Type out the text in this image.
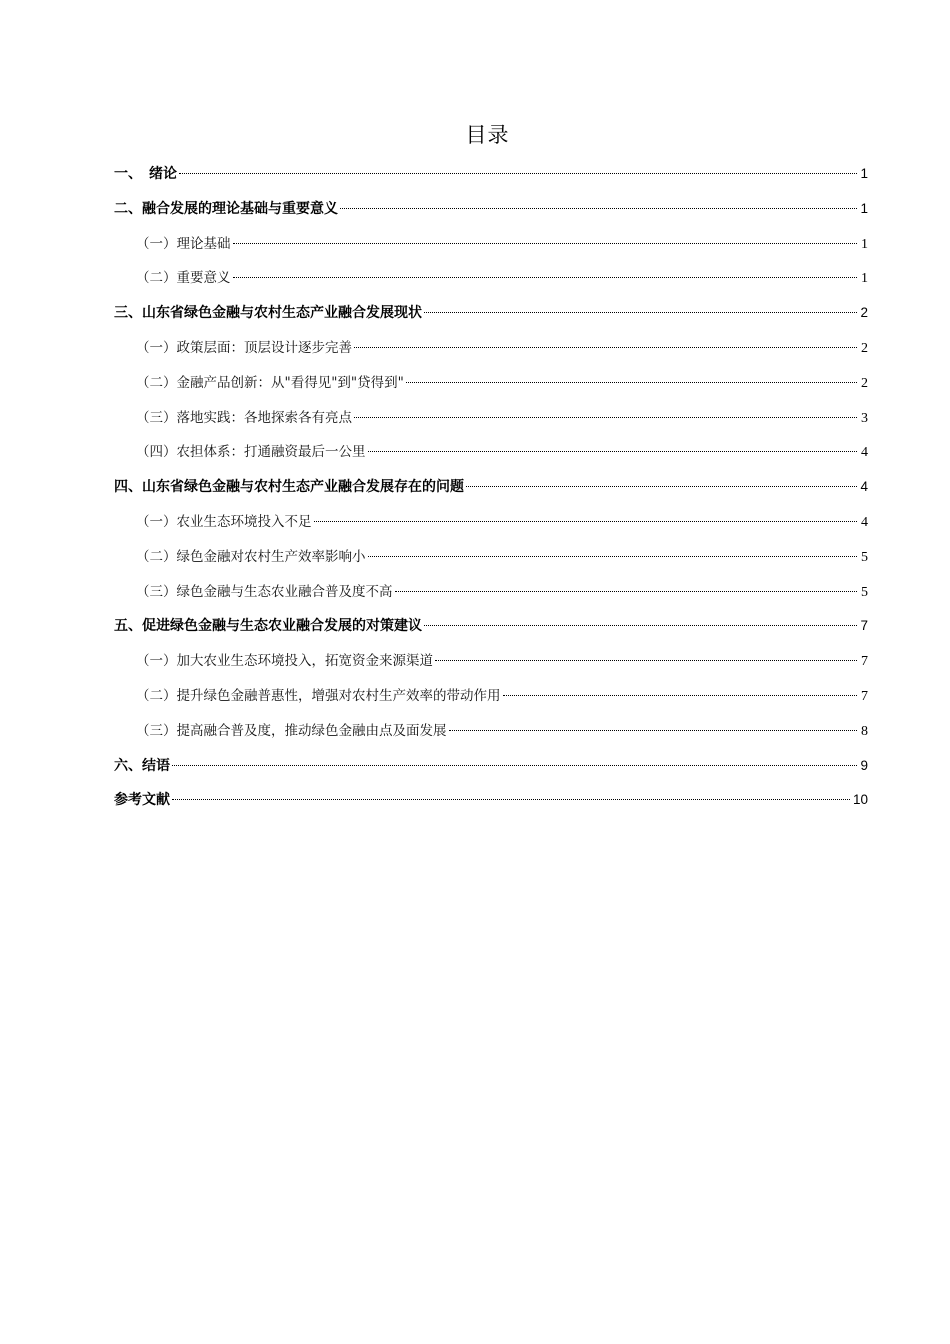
目录
一、　绪论	1
二、融合发展的理论基础与重要意义	1
（一）理论基础	1
（二）重要意义	1
三、山东省绿色金融与农村生态产业融合发展现状	2
（一）政策层面：顶层设计逐步完善	2
（二）金融产品创新：从"看得见"到"贷得到"	2
（三）落地实践：各地探索各有亮点	3
（四）农担体系：打通融资最后一公里	4
四、山东省绿色金融与农村生态产业融合发展存在的问题	4
（一）农业生态环境投入不足	4
（二）绿色金融对农村生产效率影响小	5
（三）绿色金融与生态农业融合普及度不高	5
五、促进绿色金融与生态农业融合发展的对策建议	7
（一）加大农业生态环境投入，拓宽资金来源渠道	7
（二）提升绿色金融普惠性，增强对农村生产效率的带动作用	7
（三）提高融合普及度，推动绿色金融由点及面发展	8
六、结语	9
参考文献	10
